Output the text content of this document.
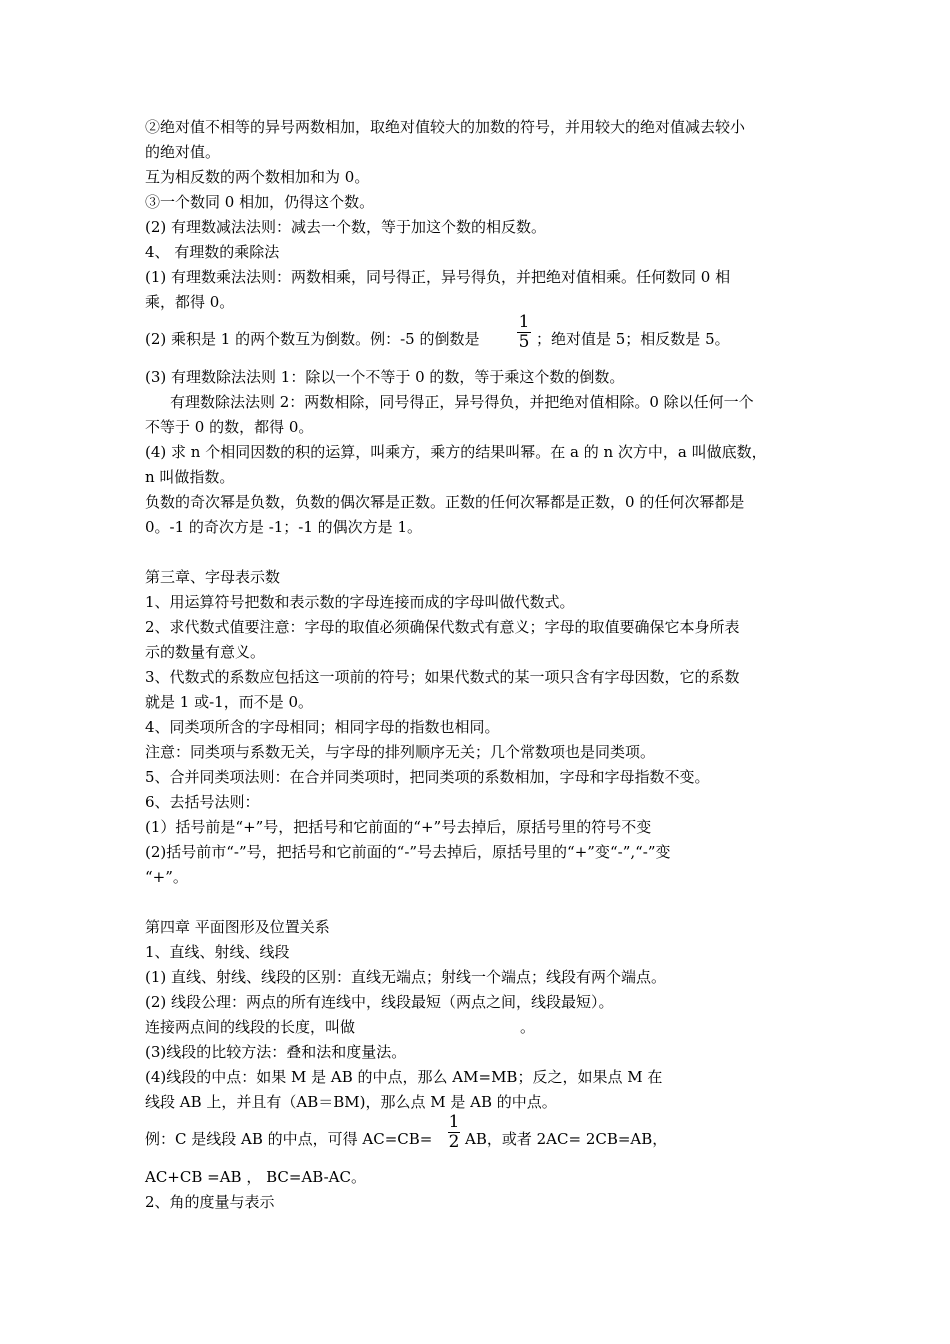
②绝对值不相等的异号两数相加，取绝对值较大的加数的符号，并用较大的绝对值减去较小
的绝对值。
互为相反数的两个数相加和为 0。
③一个数同 0 相加，仍得这个数。
(2) 有理数减法法则：减去一个数，等于加这个数的相反数。
4、 有理数的乘除法
(1) 有理数乘法法则：两数相乘，同号得正，异号得负，并把绝对值相乘。任何数同 0 相
乘，都得 0。
(2) 乘积是 1 的两个数互为倒数。例：-5 的倒数是
1
5 ；绝对值是 5；相反数是 5。
(3) 有理数除法法则 1：除以一个不等于 0 的数，等于乘这个数的倒数。
有理数除法法则 2：两数相除，同号得正，异号得负，并把绝对值相除。0 除以任何一个
不等于 0 的数，都得 0。
(4) 求 n 个相同因数的积的运算，叫乘方，乘方的结果叫幂。在 a 的 n 次方中，a 叫做底数，
n 叫做指数。
负数的奇次幂是负数，负数的偶次幂是正数。正数的任何次幂都是正数，0 的任何次幂都是
0。-1 的奇次方是 -1；-1 的偶次方是 1。
第三章、字母表示数
1、用运算符号把数和表示数的字母连接而成的字母叫做代数式。
2、求代数式值要注意：字母的取值必须确保代数式有意义；字母的取值要确保它本身所表
示的数量有意义。
3、代数式的系数应包括这一项前的符号；如果代数式的某一项只含有字母因数，它的系数
就是 1 或-1，而不是 0。
4、同类项所含的字母相同；相同字母的指数也相同。
注意：同类项与系数无关，与字母的排列顺序无关；几个常数项也是同类项。
5、合并同类项法则：在合并同类项时，把同类项的系数相加，字母和字母指数不变。
6、去括号法则：
(1）括号前是“+”号，把括号和它前面的“+”号去掉后，原括号里的符号不变
(2)括号前市“-”号，把括号和它前面的“-”号去掉后，原括号里的“+”变“-”,“-”变
“+”。
第四章 平面图形及位置关系
1、直线、射线、线段
(1) 直线、射线、线段的区别：直线无端点；射线一个端点；线段有两个端点。
(2) 线段公理：两点的所有连线中，线段最短（两点之间，线段最短）。
连接两点间的线段的长度，叫做	。
(3)线段的比较方法：叠和法和度量法。
(4)线段的中点：如果 M 是 AB 的中点，那么 AM=MB；反之，如果点 M 在
线段 AB 上，并且有（AB＝BM)，那么点 M 是 AB 的中点。
例：C 是线段 AB 的中点，可得 AC=CB=
1
2 AB，或者 2AC= 2CB=AB，
AC+CB =AB ， BC=AB-AC。
2、角的度量与表示
